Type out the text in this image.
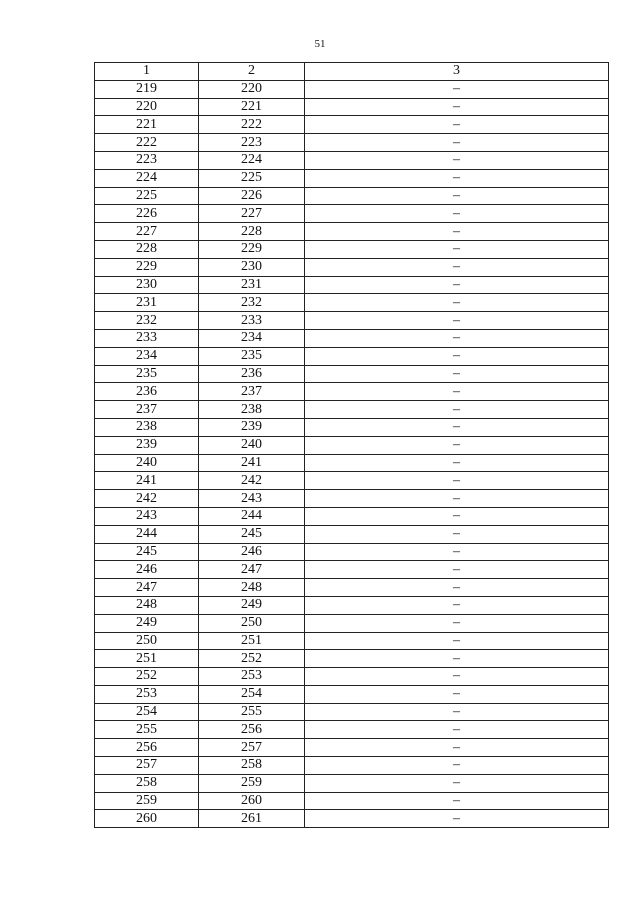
51
1	2	3
219	220	–
220	221	–
221	222	–
222	223	–
223	224	–
224	225	–
225	226	–
226	227	–
227	228	–
228	229	–
229	230	–
230	231	–
231	232	–
232	233	–
233	234	–
234	235	–
235	236	–
236	237	–
237	238	–
238	239	–
239	240	–
240	241	–
241	242	–
242	243	–
243	244	–
244	245	–
245	246	–
246	247	–
247	248	–
248	249	–
249	250	–
250	251	–
251	252	–
252	253	–
253	254	–
254	255	–
255	256	–
256	257	–
257	258	–
258	259	–
259	260	–
260	261	–
